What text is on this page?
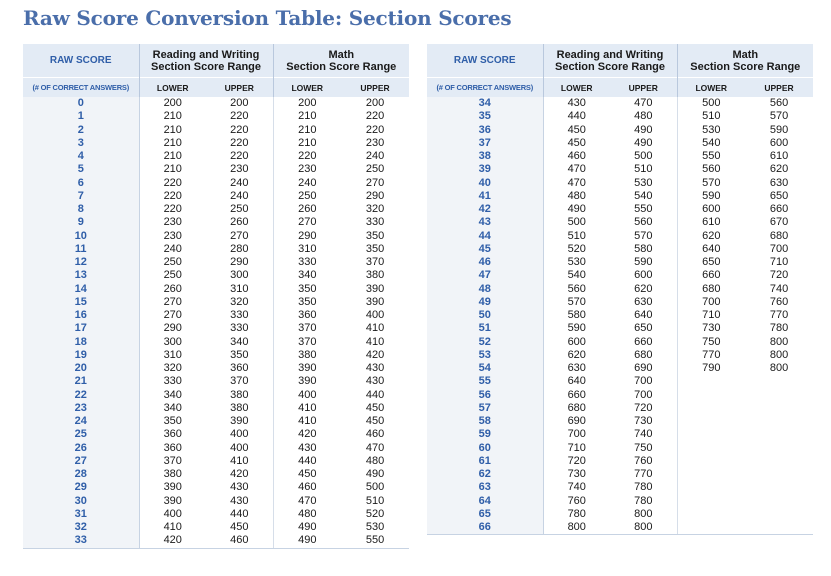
Raw Score Conversion Table: Section Scores
RAW SCORE	Reading and Writing
Section Score Range		Math
Section Score Range	
(# OF CORRECT ANSWERS)	LOWER	UPPER	LOWER	UPPER
0	200	200	200	200
1	210	220	210	220
2	210	220	210	220
3	210	220	210	230
4	210	220	220	240
5	210	230	230	250
6	220	240	240	270
7	220	240	250	290
8	220	250	260	320
9	230	260	270	330
10	230	270	290	350
11	240	280	310	350
12	250	290	330	370
13	250	300	340	380
14	260	310	350	390
15	270	320	350	390
16	270	330	360	400
17	290	330	370	410
18	300	340	370	410
19	310	350	380	420
20	320	360	390	430
21	330	370	390	430
22	340	380	400	440
23	340	380	410	450
24	350	390	410	450
25	360	400	420	460
26	360	400	430	470
27	370	410	440	480
28	380	420	450	490
29	390	430	460	500
30	390	430	470	510
31	400	440	480	520
32	410	450	490	530
33	420	460	490	550
RAW SCORE	Reading and Writing
Section Score Range		Math
Section Score Range	
(# OF CORRECT ANSWERS)	LOWER	UPPER	LOWER	UPPER
34	430	470	500	560
35	440	480	510	570
36	450	490	530	590
37	450	490	540	600
38	460	500	550	610
39	470	510	560	620
40	470	530	570	630
41	480	540	590	650
42	490	550	600	660
43	500	560	610	670
44	510	570	620	680
45	520	580	640	700
46	530	590	650	710
47	540	600	660	720
48	560	620	680	740
49	570	630	700	760
50	580	640	710	770
51	590	650	730	780
52	600	660	750	800
53	620	680	770	800
54	630	690	790	800
55	640	700		
56	660	700		
57	680	720		
58	690	730		
59	700	740		
60	710	750		
61	720	760		
62	730	770		
63	740	780		
64	760	780		
65	780	800		
66	800	800		
